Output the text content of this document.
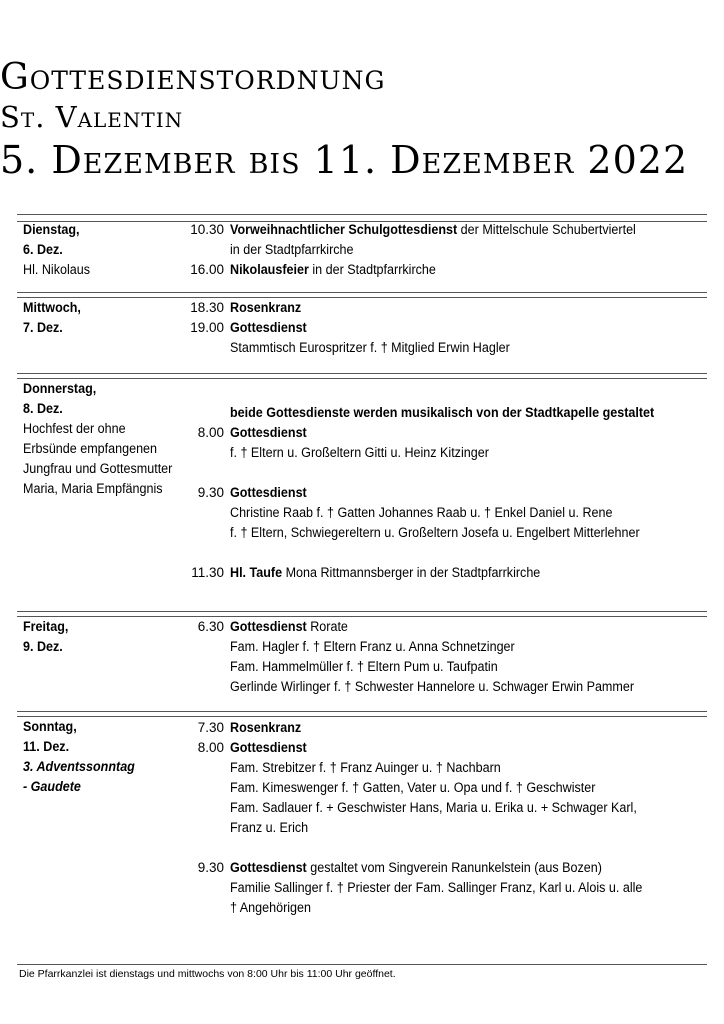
Gottesdienstordnung
St. Valentin
5. Dezember bis 11. Dezember 2022
Dienstag,
6. Dez.
Hl. Nikolaus
10.30 Vorweihnachtlicher Schulgottesdienst der Mittelschule Schubertviertel
in der Stadtpfarrkirche
16.00 Nikolausfeier in der Stadtpfarrkirche
Mittwoch,
7. Dez.
18.30 Rosenkranz
19.00 Gottesdienst
Stammtisch Eurospritzer f. † Mitglied Erwin Hagler
Donnerstag,
8. Dez.
Hochfest der ohne
Erbsünde empfangenen
Jungfrau und Gottesmutter
Maria, Maria Empfängnis
beide Gottesdienste werden musikalisch von der Stadtkapelle gestaltet
8.00 Gottesdienst
f. † Eltern u. Großeltern Gitti u. Heinz Kitzinger
9.30 Gottesdienst
Christine Raab f. † Gatten Johannes Raab u. † Enkel Daniel u. Rene
f. † Eltern, Schwiegereltern u. Großeltern Josefa u. Engelbert Mitterlehner
11.30 Hl. Taufe Mona Rittmannsberger in der Stadtpfarrkirche
Freitag,
9. Dez.
6.30 Gottesdienst Rorate
Fam. Hagler f. † Eltern Franz u. Anna Schnetzinger
Fam. Hammelmüller f. † Eltern Pum u. Taufpatin
Gerlinde Wirlinger f. † Schwester Hannelore u. Schwager Erwin Pammer
Sonntag,
11. Dez.
3. Adventssonntag
- Gaudete
7.30 Rosenkranz
8.00 Gottesdienst
Fam. Strebitzer f. † Franz Auinger u. † Nachbarn
Fam. Kimeswenger f. † Gatten, Vater u. Opa und f. † Geschwister
Fam. Sadlauer f. + Geschwister Hans, Maria u. Erika u. + Schwager Karl,
Franz u. Erich
9.30 Gottesdienst gestaltet vom Singverein Ranunkelstein (aus Bozen)
Familie Sallinger f. † Priester der Fam. Sallinger Franz, Karl u. Alois u. alle
† Angehörigen
Die Pfarrkanzlei ist dienstags und mittwochs von 8:00 Uhr bis 11:00 Uhr geöffnet.
